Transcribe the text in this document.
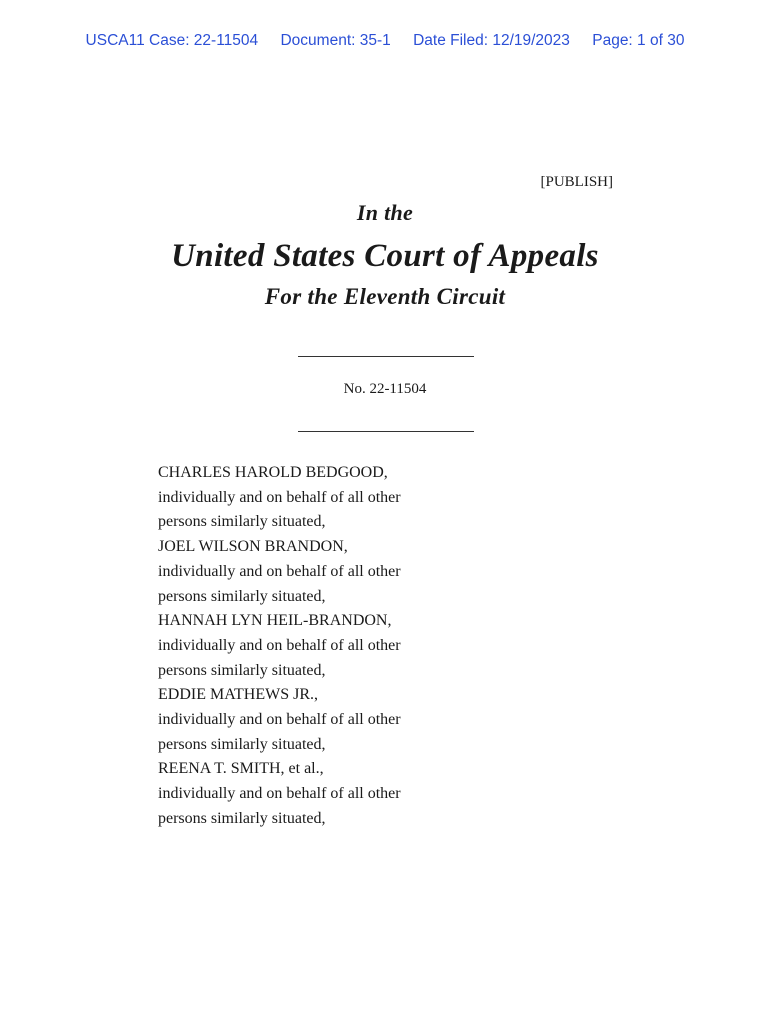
USCA11 Case: 22-11504 Document: 35-1 Date Filed: 12/19/2023 Page: 1 of 30
[PUBLISH]
In the
United States Court of Appeals
For the Eleventh Circuit
No. 22-11504
CHARLES HAROLD BEDGOOD,
individually and on behalf of all other
persons similarly situated,
JOEL WILSON BRANDON,
individually and on behalf of all other
persons similarly situated,
HANNAH LYN HEIL-BRANDON,
individually and on behalf of all other
persons similarly situated,
EDDIE MATHEWS JR.,
individually and on behalf of all other
persons similarly situated,
REENA T. SMITH, et al.,
individually and on behalf of all other
persons similarly situated,
